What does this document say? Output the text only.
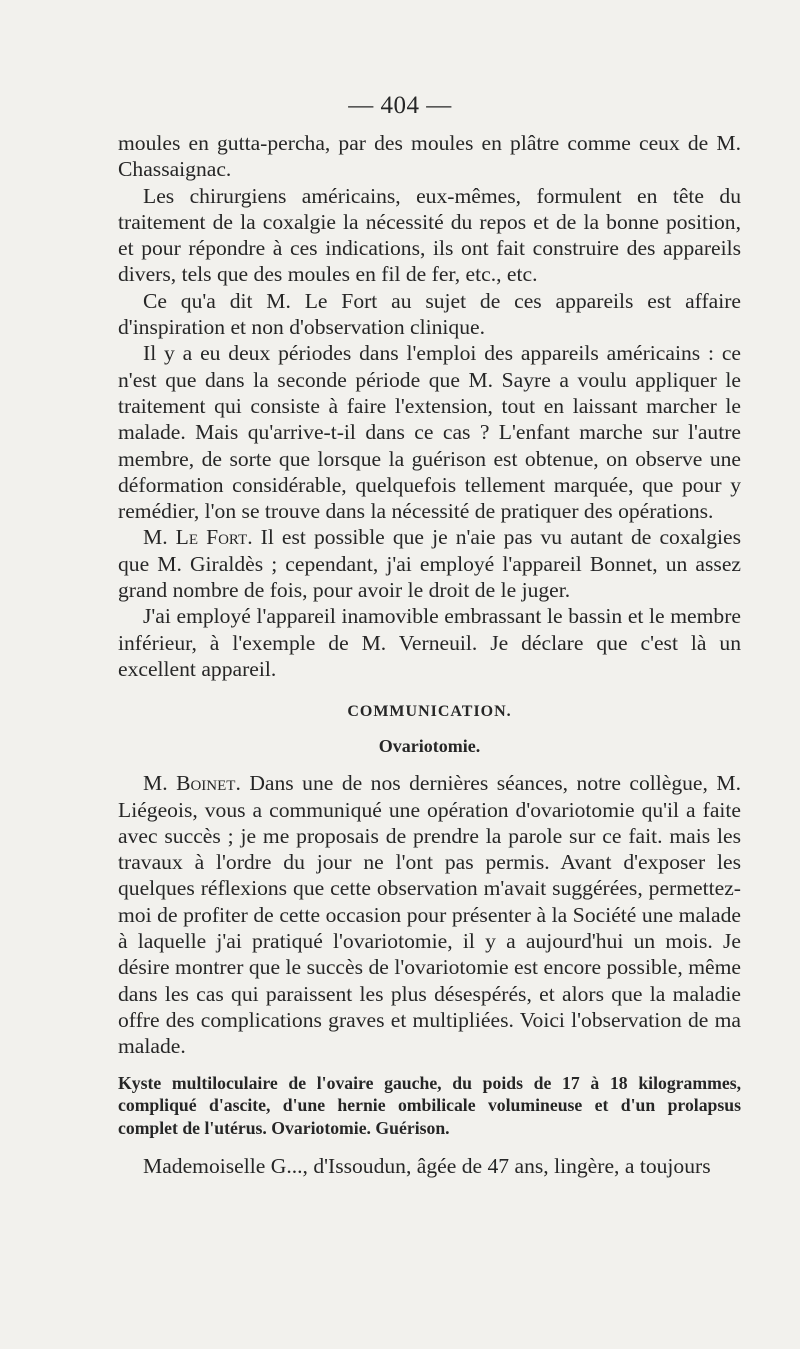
— 404 —

moules en gutta-percha, par des moules en plâtre comme ceux de M. Chassaignac.

Les chirurgiens américains, eux-mêmes, formulent en tête du traitement de la coxalgie la nécessité du repos et de la bonne position, et pour répondre à ces indications, ils ont fait construire des appareils divers, tels que des moules en fil de fer, etc., etc.

Ce qu'a dit M. Le Fort au sujet de ces appareils est affaire d'inspiration et non d'observation clinique.

Il y a eu deux périodes dans l'emploi des appareils américains : ce n'est que dans la seconde période que M. Sayre a voulu appliquer le traitement qui consiste à faire l'extension, tout en laissant marcher le malade. Mais qu'arrive-t-il dans ce cas ? L'enfant marche sur l'autre membre, de sorte que lorsque la guérison est obtenue, on observe une déformation considérable, quelquefois tellement marquée, que pour y remédier, l'on se trouve dans la nécessité de pratiquer des opérations.

M. Le Fort. Il est possible que je n'aie pas vu autant de coxalgies que M. Giraldès ; cependant, j'ai employé l'appareil Bonnet, un assez grand nombre de fois, pour avoir le droit de le juger.

J'ai employé l'appareil inamovible embrassant le bassin et le membre inférieur, à l'exemple de M. Verneuil. Je déclare que c'est là un excellent appareil.

COMMUNICATION.
Ovariotomie.

M. Boinet. Dans une de nos dernières séances, notre collègue, M. Liégeois, vous a communiqué une opération d'ovariotomie qu'il a faite avec succès ; je me proposais de prendre la parole sur ce fait. mais les travaux à l'ordre du jour ne l'ont pas permis. Avant d'exposer les quelques réflexions que cette observation m'avait suggérées, permettez-moi de profiter de cette occasion pour présenter à la Société une malade à laquelle j'ai pratiqué l'ovariotomie, il y a aujourd'hui un mois. Je désire montrer que le succès de l'ovariotomie est encore possible, même dans les cas qui paraissent les plus désespérés, et alors que la maladie offre des complications graves et multipliées. Voici l'observation de ma malade.

Kyste multiloculaire de l'ovaire gauche, du poids de 17 à 18 kilogrammes, compliqué d'ascite, d'une hernie ombilicale volumineuse et d'un prolapsus complet de l'utérus. Ovariotomie. Guérison.

Mademoiselle G..., d'Issoudun, âgée de 47 ans, lingère, a toujours
